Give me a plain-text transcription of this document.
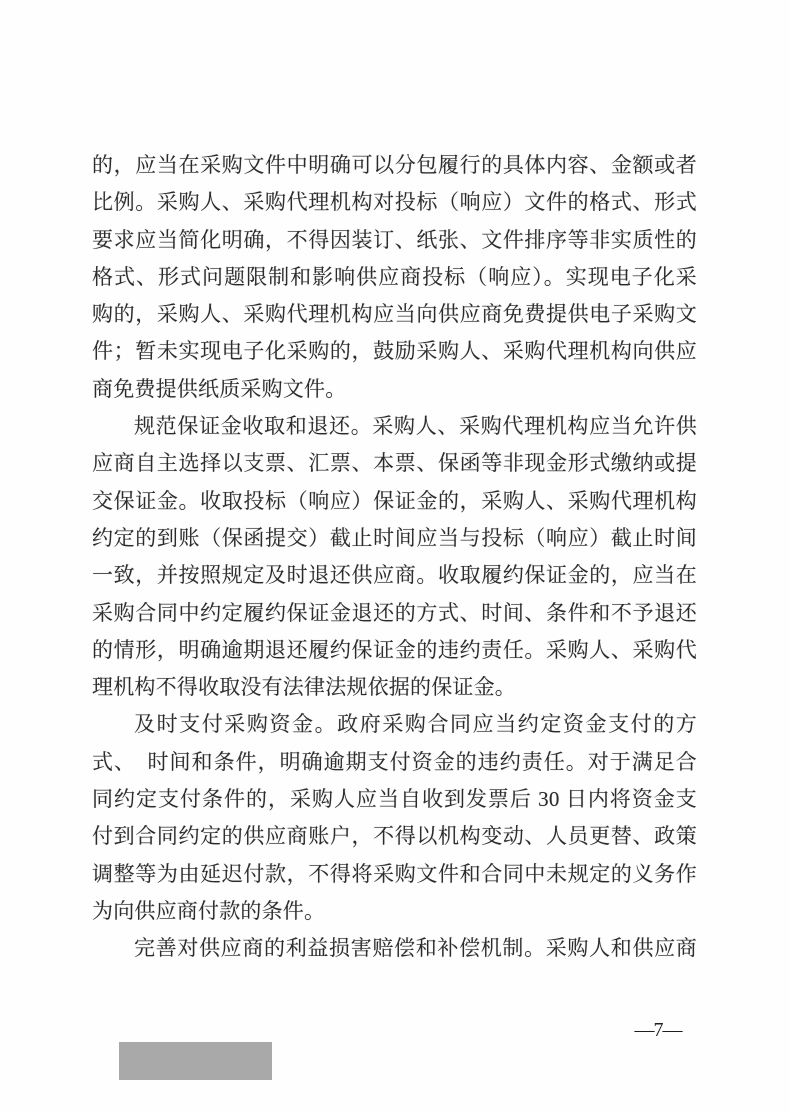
的，应当在采购文件中明确可以分包履行的具体内容、金额或者
比例。采购人、采购代理机构对投标（响应）文件的格式、形式
要求应当简化明确，不得因装订、纸张、文件排序等非实质性的
格式、形式问题限制和影响供应商投标（响应）。实现电子化采
购的，采购人、采购代理机构应当向供应商免费提供电子采购文
件；暂未实现电子化采购的，鼓励采购人、采购代理机构向供应
商免费提供纸质采购文件。
规范保证金收取和退还。采购人、采购代理机构应当允许供
应商自主选择以支票、汇票、本票、保函等非现金形式缴纳或提
交保证金。收取投标（响应）保证金的，采购人、采购代理机构
约定的到账（保函提交）截止时间应当与投标（响应）截止时间
一致，并按照规定及时退还供应商。收取履约保证金的，应当在
采购合同中约定履约保证金退还的方式、时间、条件和不予退还
的情形，明确逾期退还履约保证金的违约责任。采购人、采购代
理机构不得收取没有法律法规依据的保证金。
及时支付采购资金。政府采购合同应当约定资金支付的方
式、　时间和条件，明确逾期支付资金的违约责任。对于满足合
同约定支付条件的，采购人应当自收到发票后 30 日内将资金支
付到合同约定的供应商账户，不得以机构变动、人员更替、政策
调整等为由延迟付款，不得将采购文件和合同中未规定的义务作
为向供应商付款的条件。
完善对供应商的利益损害赔偿和补偿机制。采购人和供应商
—7—
